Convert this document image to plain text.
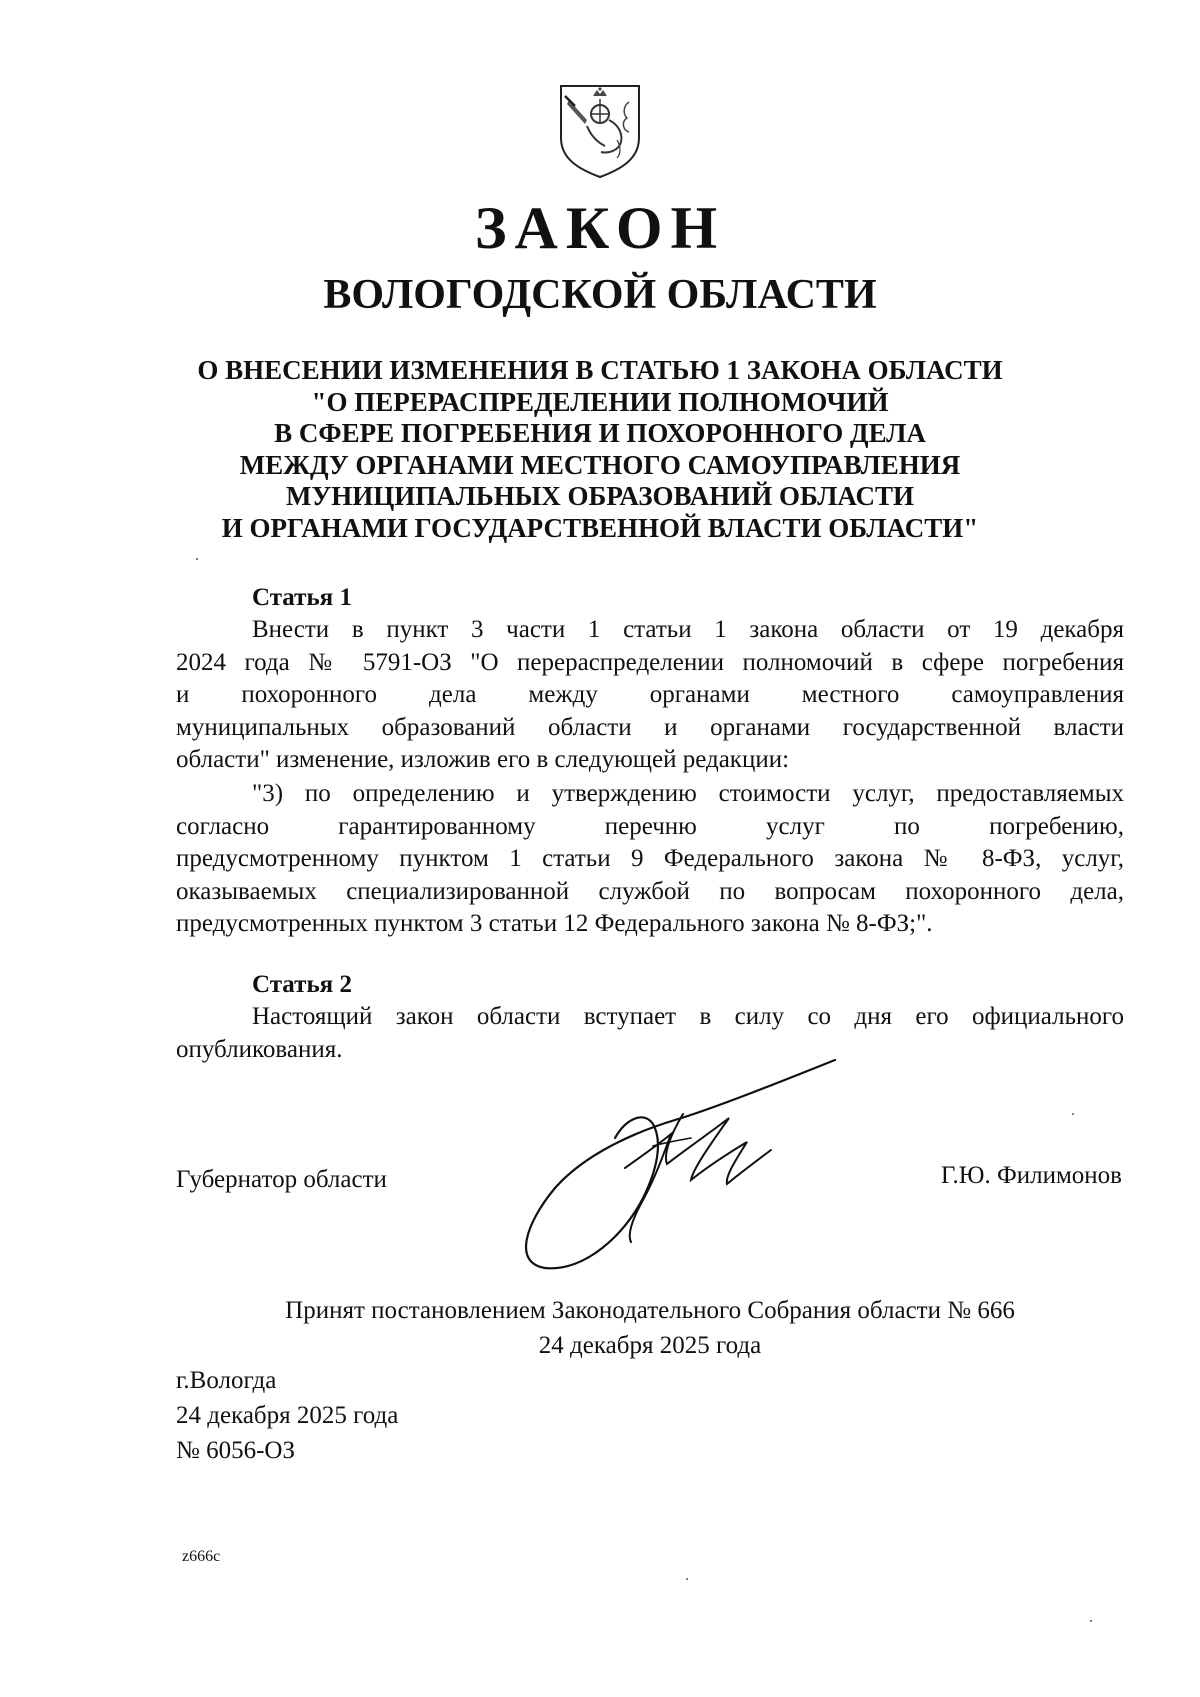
ЗАКОН
ВОЛОГОДСКОЙ ОБЛАСТИ
О ВНЕСЕНИИ ИЗМЕНЕНИЯ В СТАТЬЮ 1 ЗАКОНА ОБЛАСТИ
"О ПЕРЕРАСПРЕДЕЛЕНИИ ПОЛНОМОЧИЙ
В СФЕРЕ ПОГРЕБЕНИЯ И ПОХОРОННОГО ДЕЛА
МЕЖДУ ОРГАНАМИ МЕСТНОГО САМОУПРАВЛЕНИЯ
МУНИЦИПАЛЬНЫХ ОБРАЗОВАНИЙ ОБЛАСТИ
И ОРГАНАМИ ГОСУДАРСТВЕННОЙ ВЛАСТИ ОБЛАСТИ"
Статья 1
Внести в пункт 3 части 1 статьи 1 закона области от 19 декабря
2024 года № 5791-ОЗ "О перераспределении полномочий в сфере погребения
и похоронного дела между органами местного самоуправления
муниципальных образований области и органами государственной власти
области" изменение, изложив его в следующей редакции:
"3) по определению и утверждению стоимости услуг, предоставляемых
согласно гарантированному перечню услуг по погребению,
предусмотренному пунктом 1 статьи 9 Федерального закона № 8-ФЗ, услуг,
оказываемых специализированной службой по вопросам похоронного дела,
предусмотренных пунктом 3 статьи 12 Федерального закона № 8-ФЗ;".
Статья 2
Настоящий закон области вступает в силу со дня его официального
опубликования.
Губернатор области	Г.Ю. Филимонов
Принят постановлением Законодательного Собрания области № 666
24 декабря 2025 года
г.Вологда
24 декабря 2025 года
№ 6056-ОЗ
z666c
